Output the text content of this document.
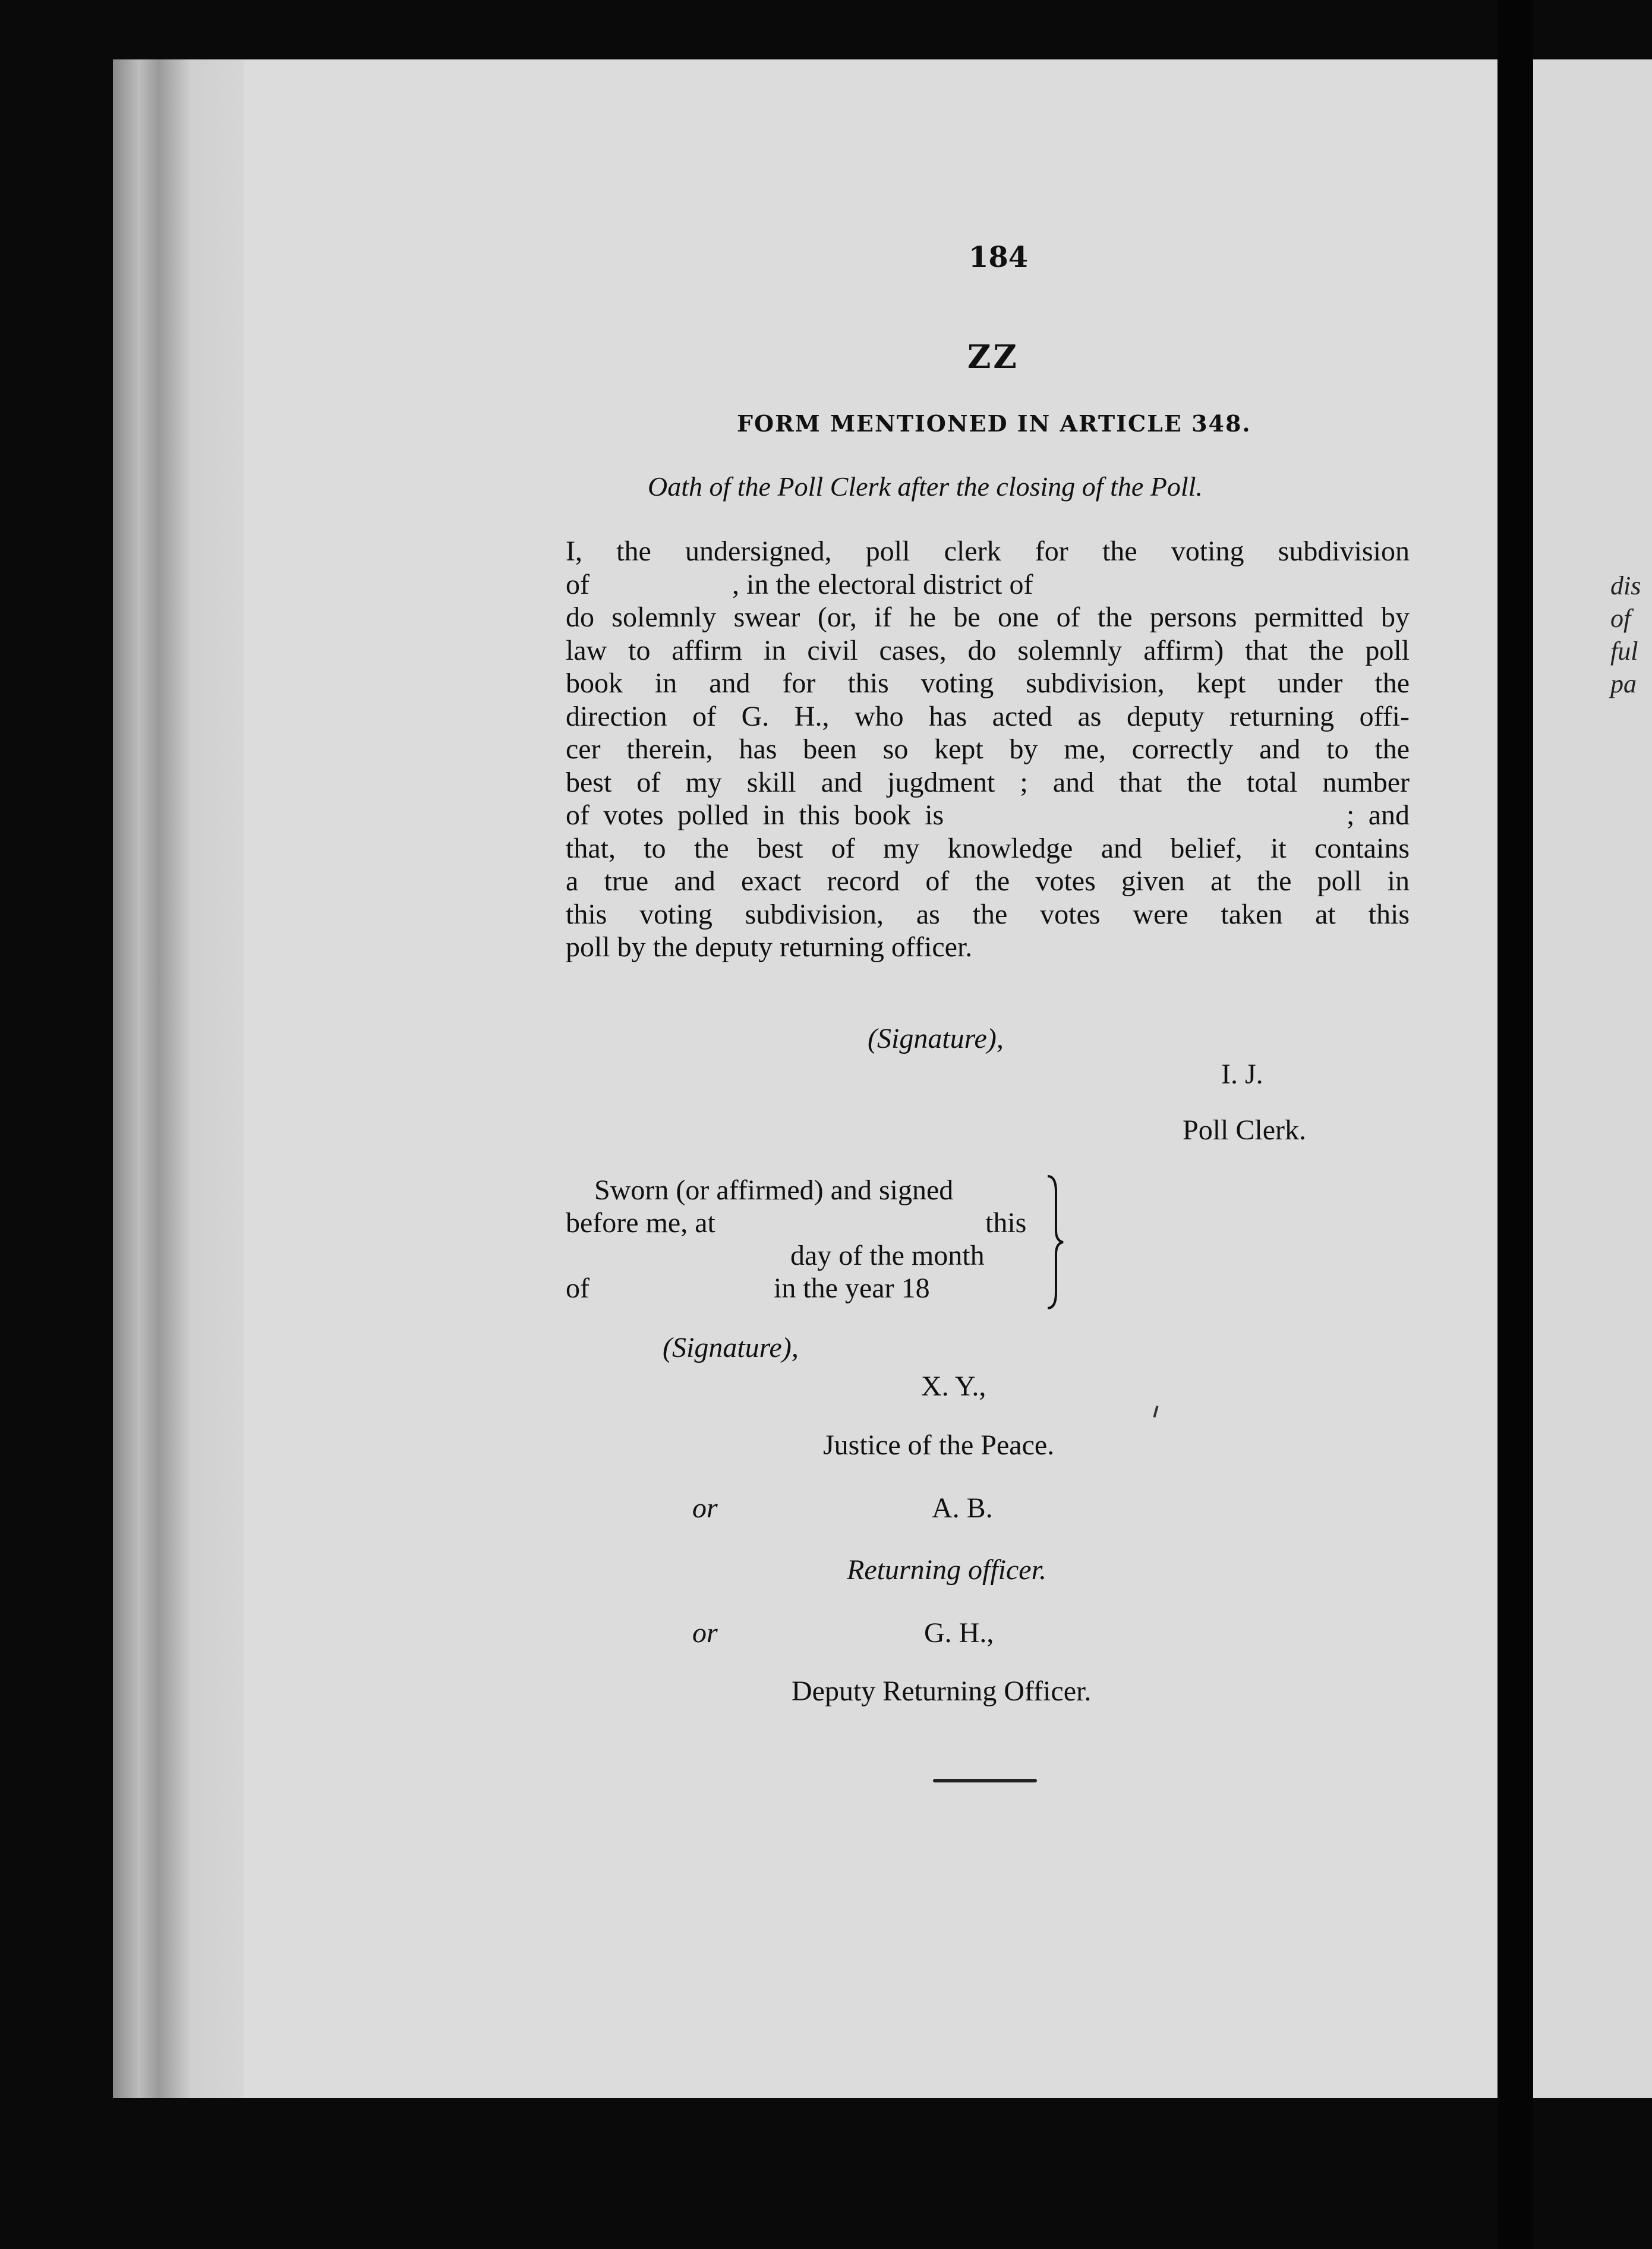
dis
of
ful
pa
184
ZZ
FORM MENTIONED IN ARTICLE 348.
Oath of the Poll Clerk after the closing of the Poll.
I, the undersigned, poll clerk for the voting subdivision
of                    , in the electoral district of
do solemnly swear (or, if he be one of the persons permitted by
law to affirm in civil cases, do solemnly affirm) that the poll
book in and for this voting subdivision, kept under the
direction of G. H., who has acted as deputy returning offi-
cer therein, has been so kept by me, correctly and to the
best of my skill and jugdment ; and that the total number
of votes polled in this book is                             ; and
that, to the best of my knowledge and belief, it contains
a true and exact record of the votes given at the poll in
this voting subdivision, as the votes were taken at this
poll by the deputy returning officer.
(Signature),
I. J.
Poll Clerk.
Sworn (or affirmed) and signed
before me, at	this
day of the month
of	in the year 18
(Signature),
X. Y.,
Justice of the Peace.
or	A. B.
Returning officer.
or	G. H.,
Deputy Returning Officer.
